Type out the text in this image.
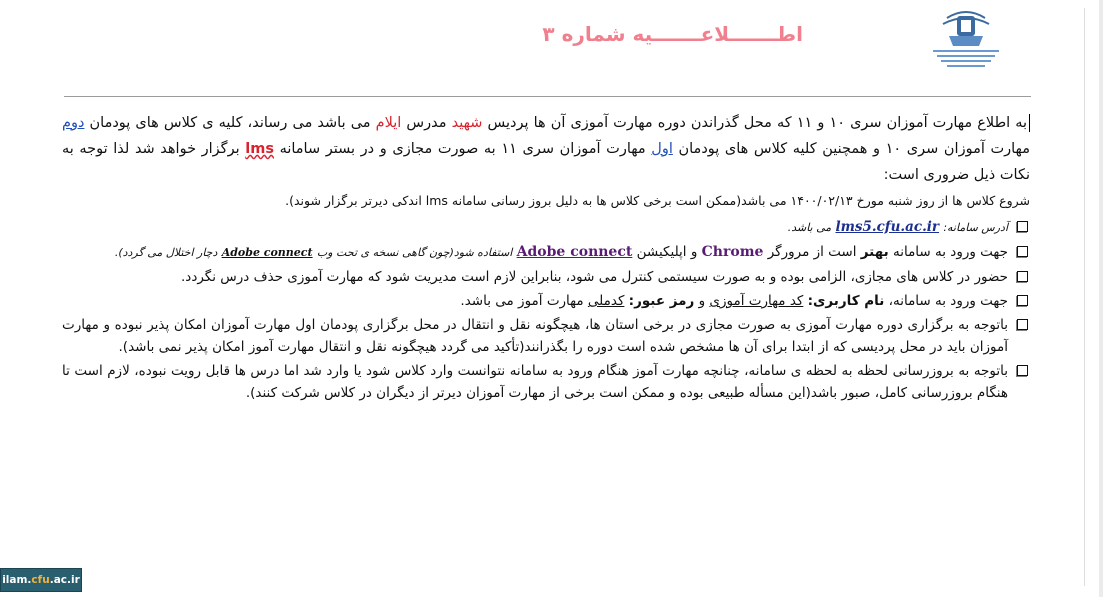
اطـــــــلاعـــــــیه شماره ۳

به اطلاع مهارت آموزان سری ۱۰ و ۱۱ که محل گذراندن دوره مهارت آموزی آن ها پردیس شهید مدرس ایلام می باشد می رساند، کلیه ی کلاس های پودمان دوم مهارت آموزان سری ۱۰ و همچنین کلیه کلاس های پودمان اول مهارت آموزان سری ۱۱ به صورت مجازی و در بستر سامانه lms برگزار خواهد شد لذا توجه به نکات ذیل ضروری است:

شروع کلاس ها از روز شنبه مورخ ۱۴۰۰/۰۲/۱۳ می باشد(ممکن است برخی کلاس ها به دلیل بروز رسانی سامانه lms اندکی دیرتر برگزار شوند).

آدرس سامانه: lms5.cfu.ac.ir می باشد.
جهت ورود به سامانه بهتر است از مرورگر Chrome و اپلیکیشن Adobe connect استفاده شود(چون گاهی نسخه ی تحت وب Adobe connect دچار اختلال می گردد).
حضور در کلاس های مجازی، الزامی بوده و به صورت سیستمی کنترل می شود، بنابراین لازم است مدیریت شود که مهارت آموزی حذف درس نگردد.
جهت ورود به سامانه، نام کاربری: کد مهارت آموزی و رمز عبور: کدملی مهارت آموز می باشد.
باتوجه به برگزاری دوره مهارت آموزی به صورت مجازی در برخی استان ها، هیچگونه نقل و انتقال در محل برگزاری پودمان اول مهارت آموزان امکان پذیر نبوده و مهارت آموزان باید در محل پردیسی که از ابتدا برای آن ها مشخص شده است دوره را بگذرانند(تأکید می گردد هیچگونه نقل و انتقال مهارت آموز امکان پذیر نمی باشد).
باتوجه به بروزرسانی لحظه به لحظه ی سامانه، چنانچه مهارت آموز هنگام ورود به سامانه نتوانست وارد کلاس شود یا وارد شد اما درس ها قابل رویت نبوده، لازم است تا هنگام بروزرسانی کامل، صبور باشد(این مسأله طبیعی بوده و ممکن است برخی از مهارت آموزان دیرتر از دیگران در کلاس شرکت کنند).
ilam. cfu .ac.ir
